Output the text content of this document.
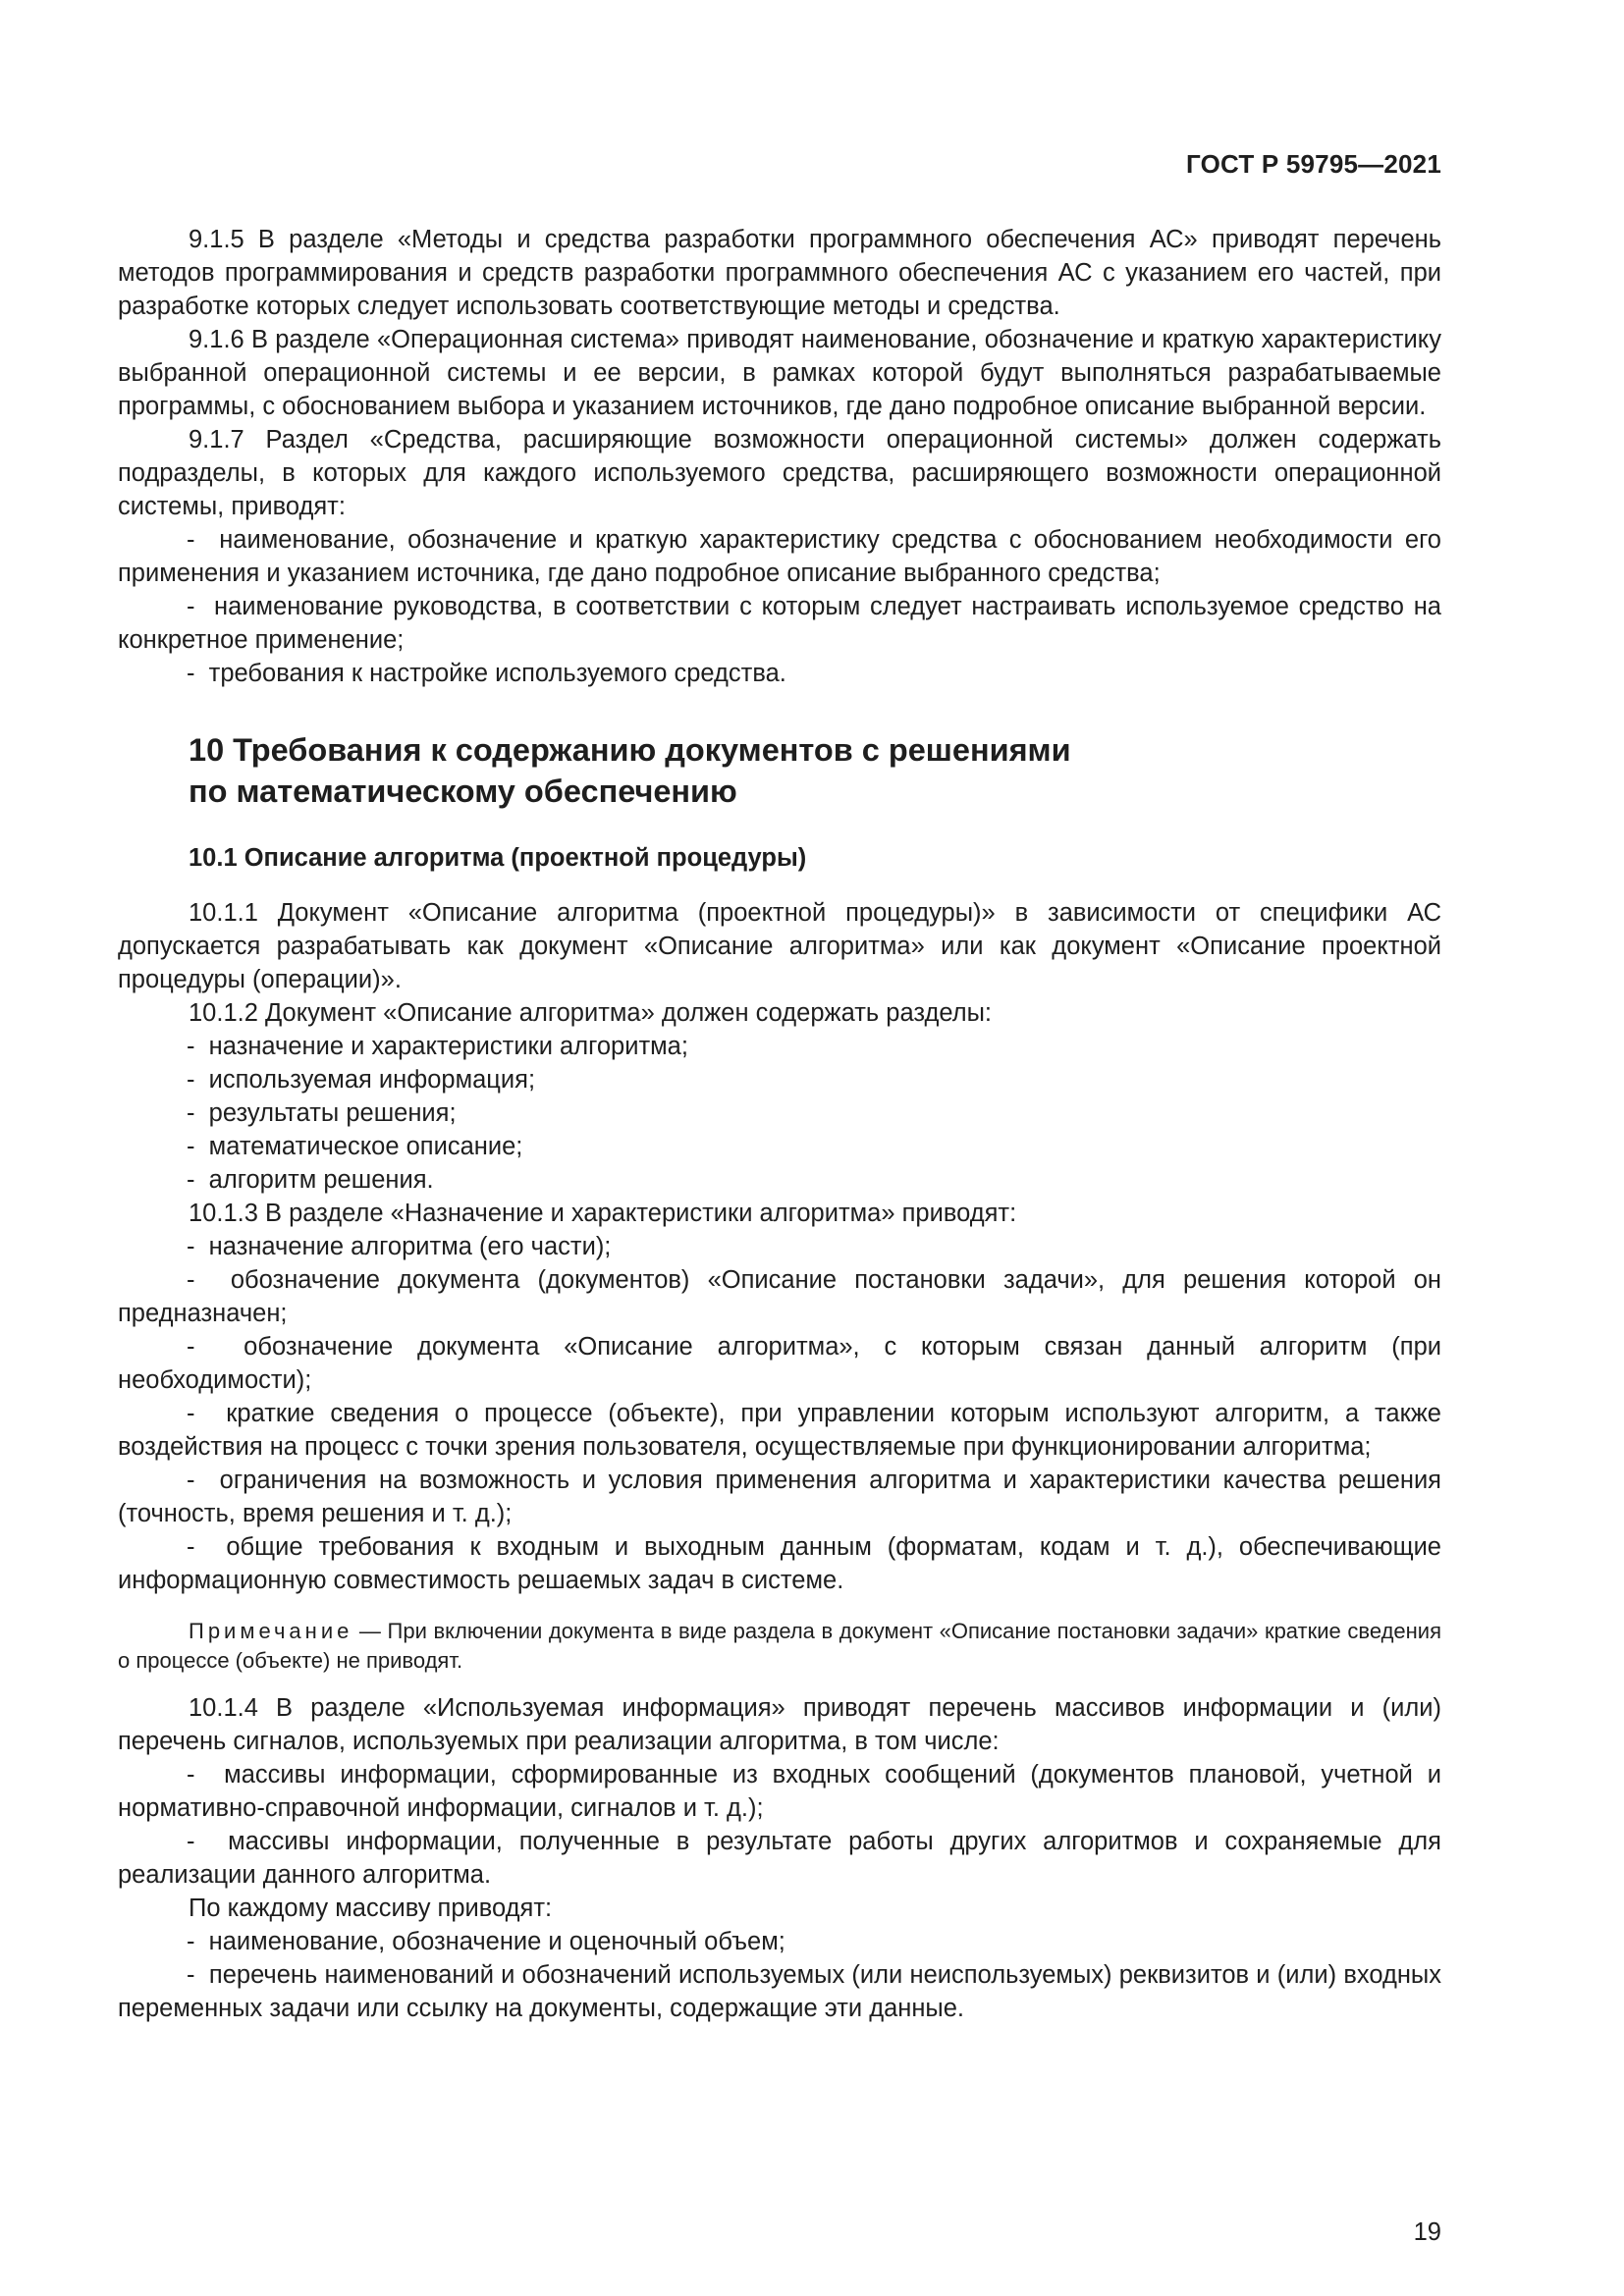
ГОСТ Р 59795—2021

9.1.5 В разделе «Методы и средства разработки программного обеспечения АС» приводят перечень методов программирования и средств разработки программного обеспечения АС с указанием его частей, при разработке которых следует использовать соответствующие методы и средства.

9.1.6 В разделе «Операционная система» приводят наименование, обозначение и краткую характеристику выбранной операционной системы и ее версии, в рамках которой будут выполняться разрабатываемые программы, с обоснованием выбора и указанием источников, где дано подробное описание выбранной версии.

9.1.7 Раздел «Средства, расширяющие возможности операционной системы» должен содержать подразделы, в которых для каждого используемого средства, расширяющего возможности операционной системы, приводят:

-  наименование, обозначение и краткую характеристику средства с обоснованием необходимости его применения и указанием источника, где дано подробное описание выбранного средства;

-  наименование руководства, в соответствии с которым следует настраивать используемое средство на конкретное применение;

-  требования к настройке используемого средства.

10 Требования к содержанию документов с решениями
по математическому обеспечению
10.1 Описание алгоритма (проектной процедуры)

10.1.1 Документ «Описание алгоритма (проектной процедуры)» в зависимости от специфики АС допускается разрабатывать как документ «Описание алгоритма» или как документ «Описание проектной процедуры (операции)».

10.1.2 Документ «Описание алгоритма» должен содержать разделы:

-  назначение и характеристики алгоритма;

-  используемая информация;

-  результаты решения;

-  математическое описание;

-  алгоритм решения.

10.1.3 В разделе «Назначение и характеристики алгоритма» приводят:

-  назначение алгоритма (его части);

-  обозначение документа (документов) «Описание постановки задачи», для решения которой он предназначен;

-  обозначение документа «Описание алгоритма», с которым связан данный алгоритм (при необходимости);

-  краткие сведения о процессе (объекте), при управлении которым используют алгоритм, а также воздействия на процесс с точки зрения пользователя, осуществляемые при функционировании алгоритма;

-  ограничения на возможность и условия применения алгоритма и характеристики качества решения (точность, время решения и т. д.);

-  общие требования к входным и выходным данным (форматам, кодам и т. д.), обеспечивающие информационную совместимость решаемых задач в системе.

Примечание — При включении документа в виде раздела в документ «Описание постановки задачи» краткие сведения о процессе (объекте) не приводят.

10.1.4 В разделе «Используемая информация» приводят перечень массивов информации и (или) перечень сигналов, используемых при реализации алгоритма, в том числе:

-  массивы информации, сформированные из входных сообщений (документов плановой, учетной и нормативно-справочной информации, сигналов и т. д.);

-  массивы информации, полученные в результате работы других алгоритмов и сохраняемые для реализации данного алгоритма.

По каждому массиву приводят:

-  наименование, обозначение и оценочный объем;

-  перечень наименований и обозначений используемых (или неиспользуемых) реквизитов и (или) входных переменных задачи или ссылку на документы, содержащие эти данные.

19
